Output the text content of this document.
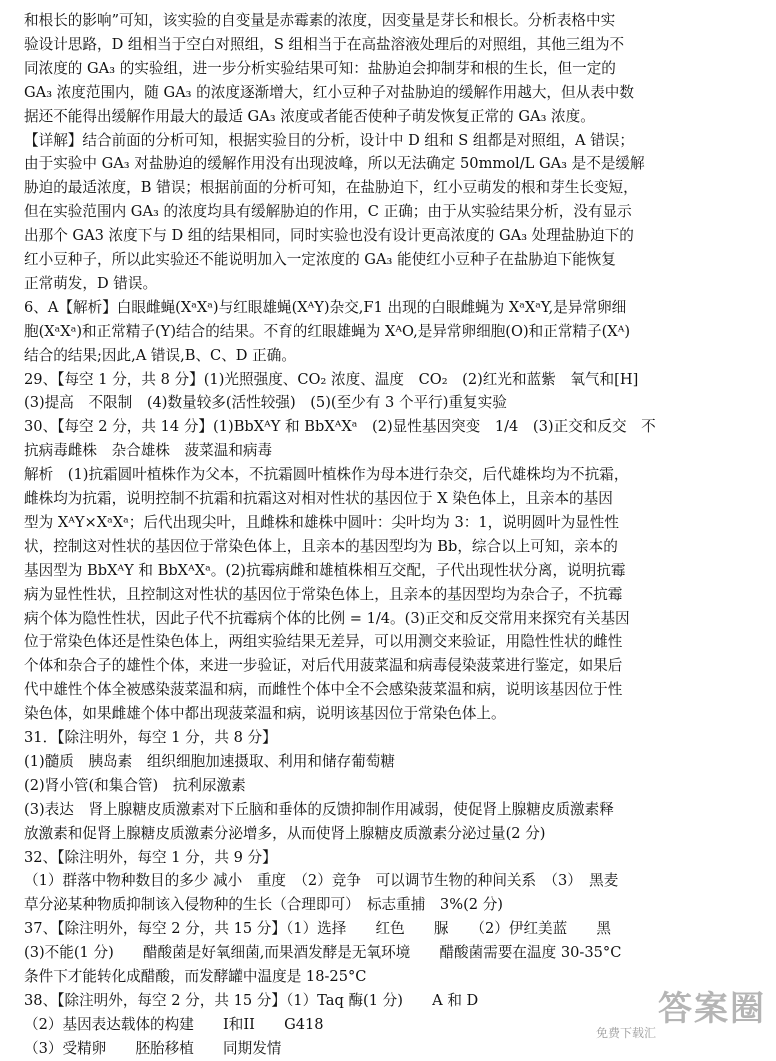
和根长的影响”可知，该实验的自变量是赤霉素的浓度，因变量是芽长和根长。分析表格中实
验设计思路，D 组相当于空白对照组，S 组相当于在高盐溶液处理后的对照组，其他三组为不
同浓度的 GA₃ 的实验组，进一步分析实验结果可知：盐胁迫会抑制芽和根的生长，但一定的
GA₃ 浓度范围内，随 GA₃ 的浓度逐渐增大，红小豆种子对盐胁迫的缓解作用越大，但从表中数
据还不能得出缓解作用最大的最适 GA₃ 浓度或者能否使种子萌发恢复正常的 GA₃ 浓度。
【详解】结合前面的分析可知，根据实验目的分析，设计中 D 组和 S 组都是对照组，A 错误；
由于实验中 GA₃ 对盐胁迫的缓解作用没有出现波峰，所以无法确定 50mmol/L GA₃ 是不是缓解
胁迫的最适浓度，B 错误；根据前面的分析可知，在盐胁迫下，红小豆萌发的根和芽生长变短，
但在实验范围内 GA₃ 的浓度均具有缓解胁迫的作用，C 正确；由于从实验结果分析，没有显示
出那个 GA3 浓度下与 D 组的结果相同，同时实验也没有设计更高浓度的 GA₃ 处理盐胁迫下的
红小豆种子，所以此实验还不能说明加入一定浓度的 GA₃ 能使红小豆种子在盐胁迫下能恢复
正常萌发，D 错误。
6、A【解析】白眼雌蝇(XᵃXᵃ)与红眼雄蝇(XᴬY)杂交,F1 出现的白眼雌蝇为 XᵃXᵃY,是异常卵细
胞(XᵃXᵃ)和正常精子(Y)结合的结果。不育的红眼雄蝇为 XᴬO,是异常卵细胞(O)和正常精子(Xᴬ)
结合的结果;因此,A 错误,B、C、D 正确。
29、【每空 1 分，共 8 分】(1)光照强度、CO₂ 浓度、温度　CO₂　(2)红光和蓝紫　氧气和[H]
(3)提高　不限制　(4)数量较多(活性较强)　(5)(至少有 3 个平行)重复实验
30、【每空 2 分，共 14 分】(1)BbXᴬY 和 BbXᴬXᵃ　(2)显性基因突变　1/4　(3)正交和反交　不
抗病毒雌株　杂合雄株　菠菜温和病毒
解析　(1)抗霜圆叶植株作为父本，不抗霜圆叶植株作为母本进行杂交，后代雄株均为不抗霜，
雌株均为抗霜，说明控制不抗霜和抗霜这对相对性状的基因位于 X 染色体上，且亲本的基因
型为 XᴬY×XᵃXᵃ；后代出现尖叶，且雌株和雄株中圆叶：尖叶均为 3：1，说明圆叶为显性性
状，控制这对性状的基因位于常染色体上，且亲本的基因型均为 Bb，综合以上可知，亲本的
基因型为 BbXᴬY 和 BbXᴬXᵃ。(2)抗霉病雌和雄植株相互交配，子代出现性状分离，说明抗霉
病为显性性状，且控制这对性状的基因位于常染色体上，且亲本的基因型均为杂合子，不抗霉
病个体为隐性性状，因此子代不抗霉病个体的比例 = 1/4。(3)正交和反交常用来探究有关基因
位于常染色体还是性染色体上，两组实验结果无差异，可以用测交来验证，用隐性性状的雌性
个体和杂合子的雄性个体，来进一步验证，对后代用菠菜温和病毒侵染菠菜进行鉴定，如果后
代中雄性个体全被感染菠菜温和病，而雌性个体中全不会感染菠菜温和病，说明该基因位于性
染色体，如果雌雄个体中都出现菠菜温和病，说明该基因位于常染色体上。
31．【除注明外，每空 1 分，共 8 分】
(1)髓质　胰岛素　组织细胞加速摄取、利用和储存葡萄糖
(2)肾小管(和集合管)　抗利尿激素
(3)表达　肾上腺糖皮质激素对下丘脑和垂体的反馈抑制作用减弱，使促肾上腺糖皮质激素释
放激素和促肾上腺糖皮质激素分泌增多，从而使肾上腺糖皮质激素分泌过量(2 分)
32、【除注明外，每空 1 分，共 9 分】
（1）群落中物种数目的多少 减小　重度　（2）竞争　可以调节生物的种间关系　（3）　黑麦
草分泌某种物质抑制该入侵物种的生长（合理即可）　标志重捕　3%(2 分)
37、【除注明外，每空 2 分，共 15 分】（1）选择　　红色　　脲　　（2）伊红美蓝　　黑
(3)不能(1 分)　　醋酸菌是好氧细菌,而果酒发酵是无氧环境　　醋酸菌需要在温度 30-35°C
条件下才能转化成醋酸，而发酵罐中温度是 18-25°C
38、【除注明外，每空 2 分，共 15 分】（1）Taq 酶(1 分)　　A 和 D
（2）基因表达载体的构建　　I和II　　G418
（3）受精卵　　胚胎移植　　同期发情
答案圈
免费下载汇
